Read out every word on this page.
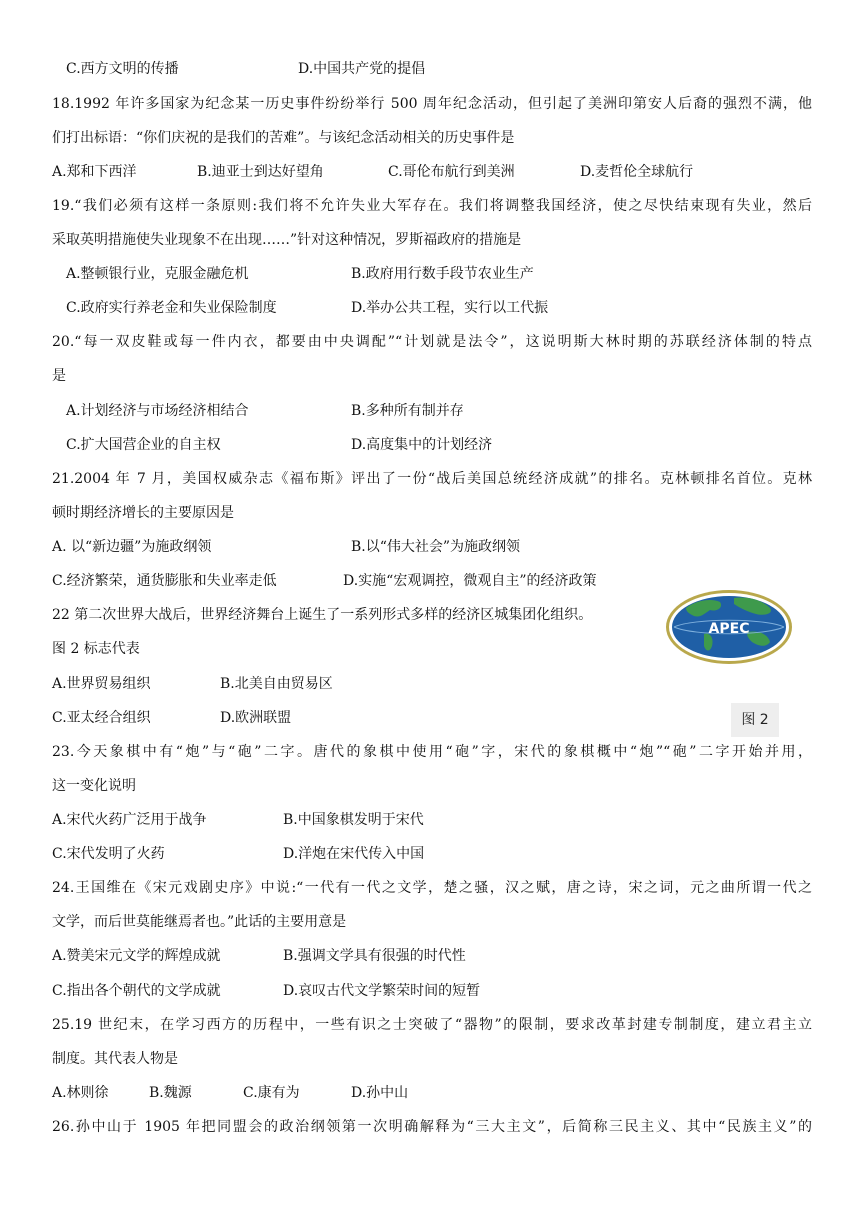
C.西方文明的传播	D.中国共产党的提倡
18.1992 年许多国家为纪念某一历史事件纷纷举行 500 周年纪念活动，但引起了美洲印第安人后裔的强烈不满，他
们打出标语：“你们庆祝的是我们的苦难”。与该纪念活动相关的历史事件是
A.郑和下西洋	B.迪亚士到达好望角	C.哥伦布航行到美洲	D.麦哲伦全球航行
19.“我们必须有这样一条原则:我们将不允许失业大军存在。我们将调整我国经济，使之尽快结束现有失业，然后
采取英明措施使失业现象不在出现……”针对这种情况，罗斯福政府的措施是
A.整顿银行业，克服金融危机	B.政府用行数手段节农业生产
C.政府实行养老金和失业保险制度	D.举办公共工程，实行以工代振
20.“每一双皮鞋或每一件内衣，都要由中央调配”“计划就是法令”，这说明斯大林时期的苏联经济体制的特点
是
A.计划经济与市场经济相结合	B.多种所有制并存
C.扩大国营企业的自主权	D.高度集中的计划经济
21.2004 年 7 月，美国权威杂志《福布斯》评出了一份“战后美国总统经济成就”的排名。克林顿排名首位。克林
顿时期经济增长的主要原因是
A. 以“新边疆”为施政纲领	B.以“伟大社会”为施政纲领
C.经济繁荣，通货膨胀和失业率走低	D.实施“宏观调控，微观自主”的经济政策
22 第二次世界大战后，世界经济舞台上诞生了一系列形式多样的经济区城集团化组织。
图 2 标志代表
A.世界贸易组织	B.北美自由贸易区
C.亚太经合组织	D.欧洲联盟
APEC
图 2
23.今天象棋中有“炮”与“砲”二字。唐代的象棋中使用“砲”字，宋代的象棋概中“炮”“砲”二字开始并用，
这一变化说明
A.宋代火药广泛用于战争	B.中国象棋发明于宋代
C.宋代发明了火药	D.洋炮在宋代传入中国
24.王国维在《宋元戏剧史序》中说:“一代有一代之文学，楚之骚，汉之赋，唐之诗，宋之词，元之曲所谓一代之
文学，而后世莫能继焉者也。”此话的主要用意是
A.赞美宋元文学的辉煌成就	B.强调文学具有很强的时代性
C.指出各个朝代的文学成就	D.哀叹古代文学繁荣时间的短暂
25.19 世纪末，在学习西方的历程中，一些有识之士突破了“器物”的限制，要求改革封建专制制度，建立君主立
制度。其代表人物是
A.林则徐	B.魏源	C.康有为	D.孙中山
26.孙中山于 1905 年把同盟会的政治纲领第一次明确解释为“三大主文”，后简称三民主义、其中“民族主义”的
